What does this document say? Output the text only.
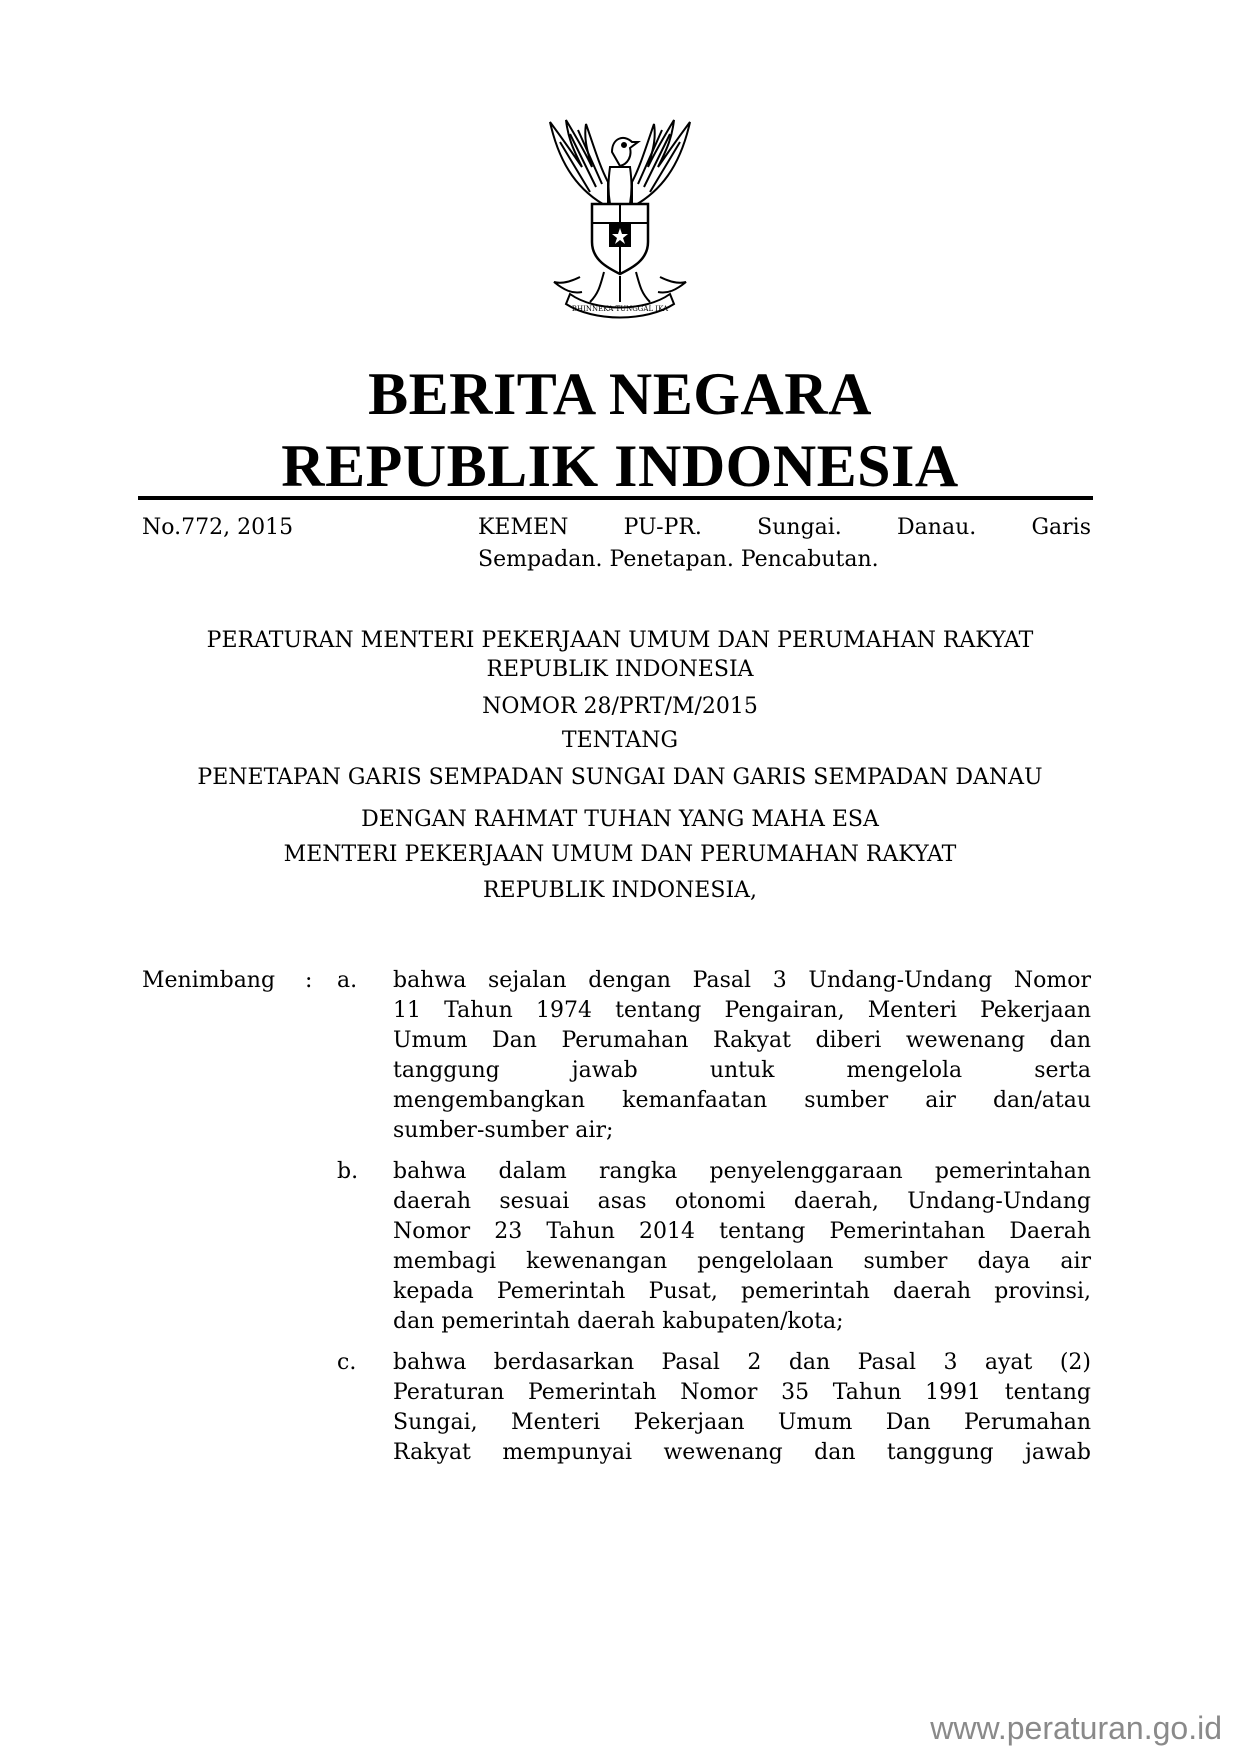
BHINNEKA TUNGGAL IKA
BERITA NEGARA
REPUBLIK INDONESIA
No.772, 2015	KEMEN PU-PR. Sungai. Danau. Garis
Sempadan. Penetapan. Pencabutan.
PERATURAN MENTERI PEKERJAAN UMUM DAN PERUMAHAN RAKYAT
REPUBLIK INDONESIA
NOMOR 28/PRT/M/2015
TENTANG
PENETAPAN GARIS SEMPADAN SUNGAI DAN GARIS SEMPADAN DANAU
DENGAN RAHMAT TUHAN YANG MAHA ESA
MENTERI PEKERJAAN UMUM DAN PERUMAHAN RAKYAT
REPUBLIK INDONESIA,
Menimbang : a. bahwa sejalan dengan Pasal 3 Undang-Undang Nomor
11 Tahun 1974 tentang Pengairan, Menteri Pekerjaan
Umum Dan Perumahan Rakyat diberi wewenang dan
tanggung jawab untuk mengelola serta
mengembangkan kemanfaatan sumber air dan/atau
sumber-sumber air;
b. bahwa dalam rangka penyelenggaraan pemerintahan
daerah sesuai asas otonomi daerah, Undang-Undang
Nomor 23 Tahun 2014 tentang Pemerintahan Daerah
membagi kewenangan pengelolaan sumber daya air
kepada Pemerintah Pusat, pemerintah daerah provinsi,
dan pemerintah daerah kabupaten/kota;
c. bahwa berdasarkan Pasal 2 dan Pasal 3 ayat (2)
Peraturan Pemerintah Nomor 35 Tahun 1991 tentang
Sungai, Menteri Pekerjaan Umum Dan Perumahan
Rakyat mempunyai wewenang dan tanggung jawab
www.peraturan.go.id
